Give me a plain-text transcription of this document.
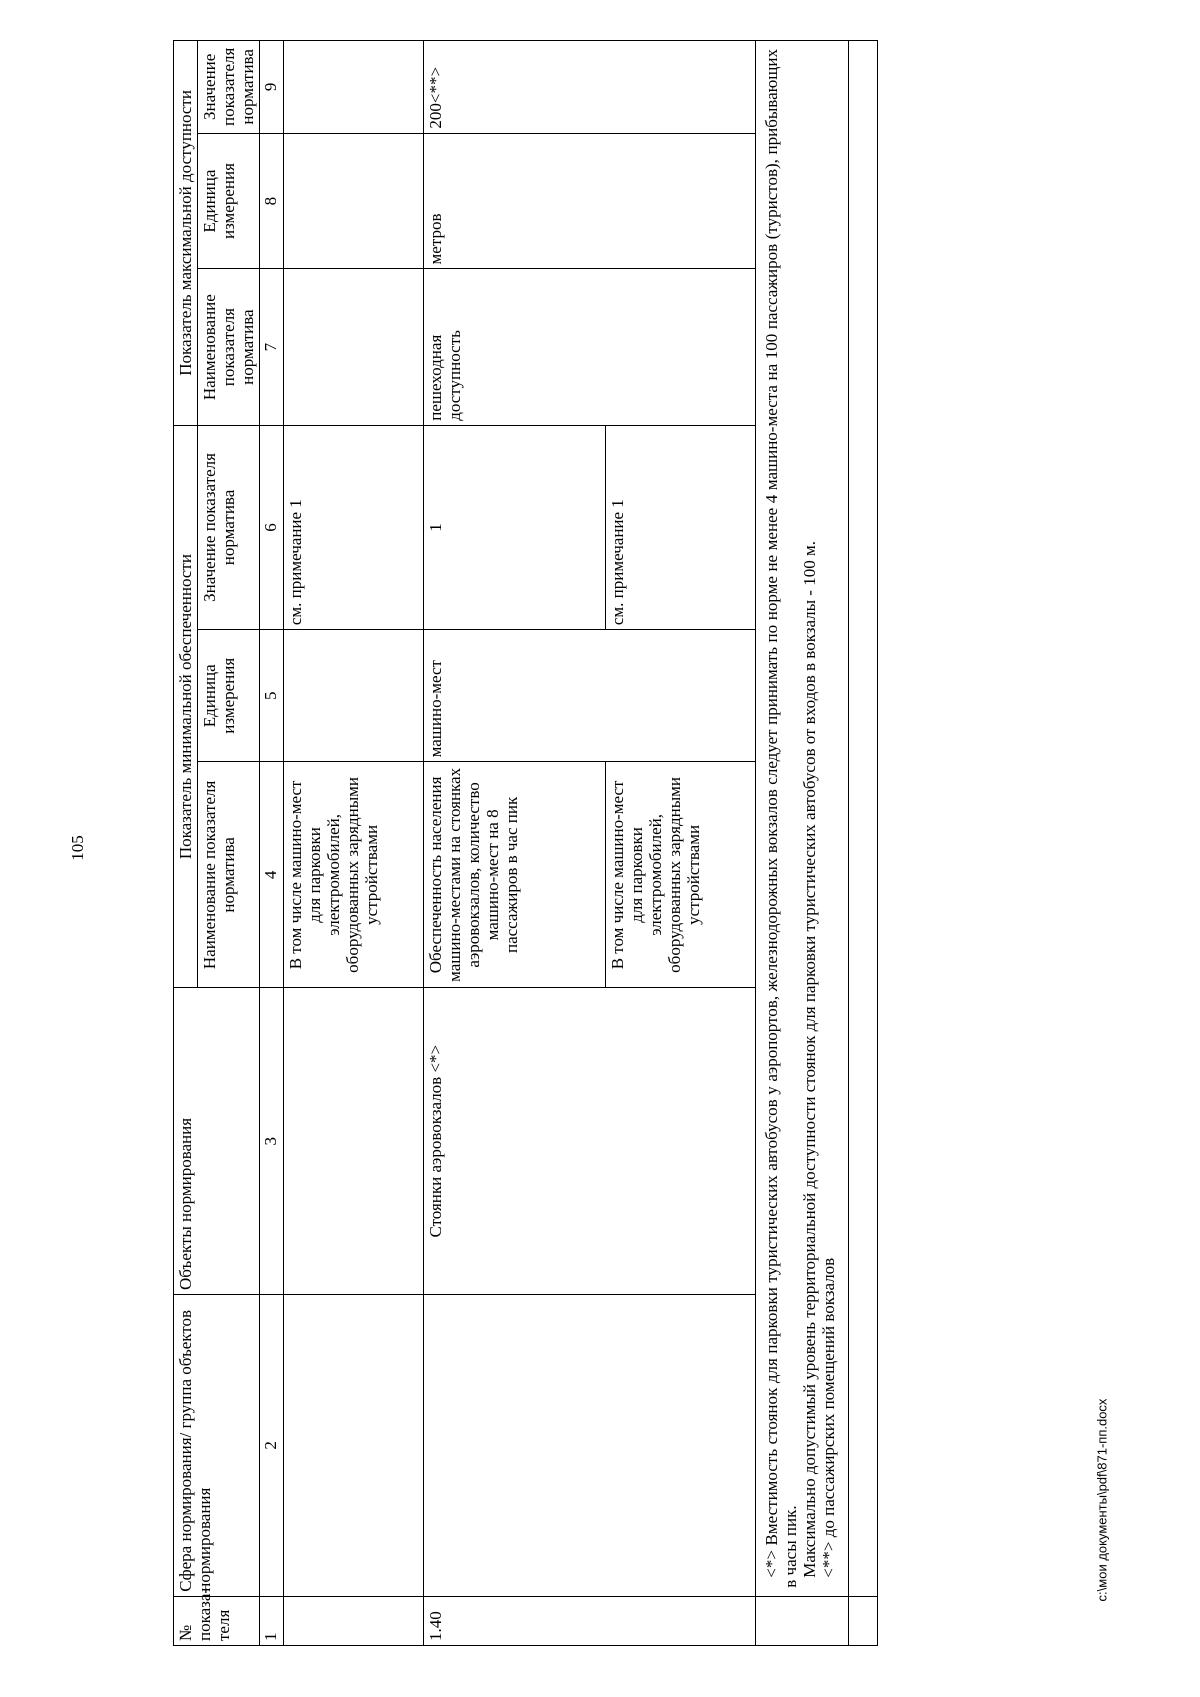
105
№ показа-теля	Сфера нормирования/ группа объектов нормирования	Объекты нормирования	Показатель минимальной обеспеченности			Показатель максимальной доступности		
			Наименование показателя норматива	Единица измерения	Значение показателя норматива	Наименование показателя норматива	Единица измерения	Значение показателя норматива
1	2	3	4	5	6	7	8	9
			В том числе машино-мест для парковки электромобилей, оборудованных зарядными устройствами		см. примечание 1			
1.40		Стоянки аэровокзалов <*>	Обеспеченность населения машино-местами на стоянках аэровокзалов, количество машино-мест на 8 пассажиров в час пик	машино-мест	1	пешеходная доступность	метров	200<**>
			В том числе машино-мест для парковки электромобилей, оборудованных зарядными устройствами		см. примечание 1			

	<*> Вместимость стоянок для парковки туристических автобусов у аэропортов, железнодорожных вокзалов следует принимать по норме не менее 4 машино-места на 100 пассажиров (туристов), прибывающих в часы пик. Максимально допустимый уровень территориальной доступности стоянок для парковки туристических автобусов от входов в вокзалы - 100 м. <**> до пассажирских помещений вокзалов							

		c:\мои документы\pdf\871-пп.docx
